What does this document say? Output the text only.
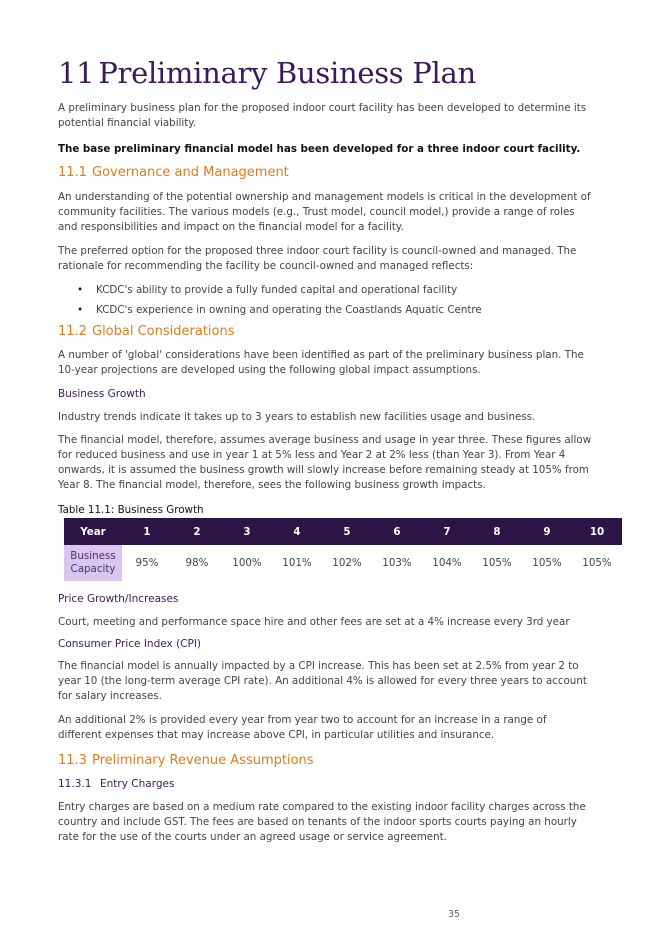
11 Preliminary Business Plan
A preliminary business plan for the proposed indoor court facility has been developed to determine its potential financial viability.
The base preliminary financial model has been developed for a three indoor court facility.
11.1 Governance and Management
An understanding of the potential ownership and management models is critical in the development of community facilities. The various models (e.g., Trust model, council model,) provide a range of roles and responsibilities and impact on the financial model for a facility.
The preferred option for the proposed three indoor court facility is council-owned and managed. The rationale for recommending the facility be council-owned and managed reflects:
• KCDC's ability to provide a fully funded capital and operational facility
• KCDC's experience in owning and operating the Coastlands Aquatic Centre
11.2 Global Considerations
A number of 'global' considerations have been identified as part of the preliminary business plan. The 10-year projections are developed using the following global impact assumptions.
Business Growth
Industry trends indicate it takes up to 3 years to establish new facilities usage and business.
The financial model, therefore, assumes average business and usage in year three. These figures allow for reduced business and use in year 1 at 5% less and Year 2 at 2% less (than Year 3). From Year 4 onwards, it is assumed the business growth will slowly increase before remaining steady at 105% from Year 8. The financial model, therefore, sees the following business growth impacts.
Table 11.1: Business Growth
Year	1	2	3	4	5	6	7	8	9	10
Business
Capacity	95%	98%	100%	101%	102%	103%	104%	105%	105%	105%
Price Growth/Increases
Court, meeting and performance space hire and other fees are set at a 4% increase every 3rd year
Consumer Price Index (CPI)
The financial model is annually impacted by a CPI increase. This has been set at 2.5% from year 2 to year 10 (the long-term average CPI rate). An additional 4% is allowed for every three years to account for salary increases.
An additional 2% is provided every year from year two to account for an increase in a range of different expenses that may increase above CPI, in particular utilities and insurance.
11.3 Preliminary Revenue Assumptions
11.3.1 Entry Charges
Entry charges are based on a medium rate compared to the existing indoor facility charges across the country and include GST. The fees are based on tenants of the indoor sports courts paying an hourly rate for the use of the courts under an agreed usage or service agreement.
35
